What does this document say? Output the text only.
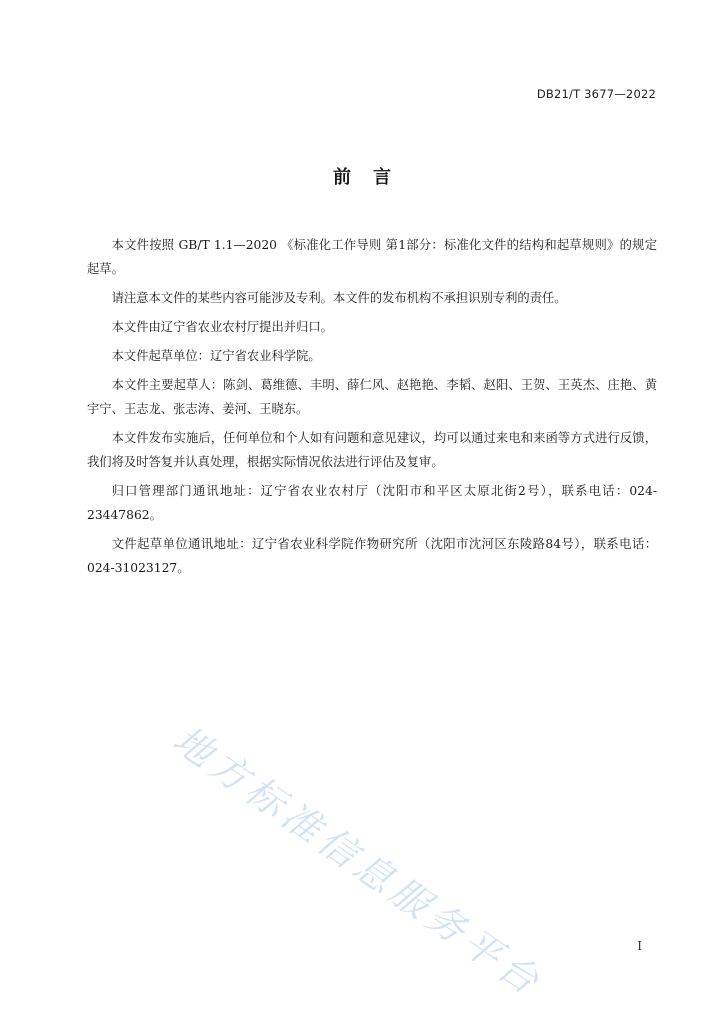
DB21/T 3677—2022
前言

本文件按照 GB/T 1.1—2020 《标准化工作导则 第1部分：标准化文件的结构和起草规则》的规定起草。

请注意本文件的某些内容可能涉及专利。本文件的发布机构不承担识别专利的责任。

本文件由辽宁省农业农村厅提出并归口。

本文件起草单位：辽宁省农业科学院。

本文件主要起草人：陈剑、葛维德、丰明、薛仁风、赵艳艳、李韬、赵阳、王贺、王英杰、庄艳、黄宇宁、王志龙、张志涛、姜河、王晓东。

本文件发布实施后，任何单位和个人如有问题和意见建议，均可以通过来电和来函等方式进行反馈，我们将及时答复并认真处理，根据实际情况依法进行评估及复审。

归口管理部门通讯地址：辽宁省农业农村厅（沈阳市和平区太原北街2号），联系电话：024-23447862。

文件起草单位通讯地址：辽宁省农业科学院作物研究所（沈阳市沈河区东陵路84号），联系电话：024-31023127。

地方标准信息服务平台	I
